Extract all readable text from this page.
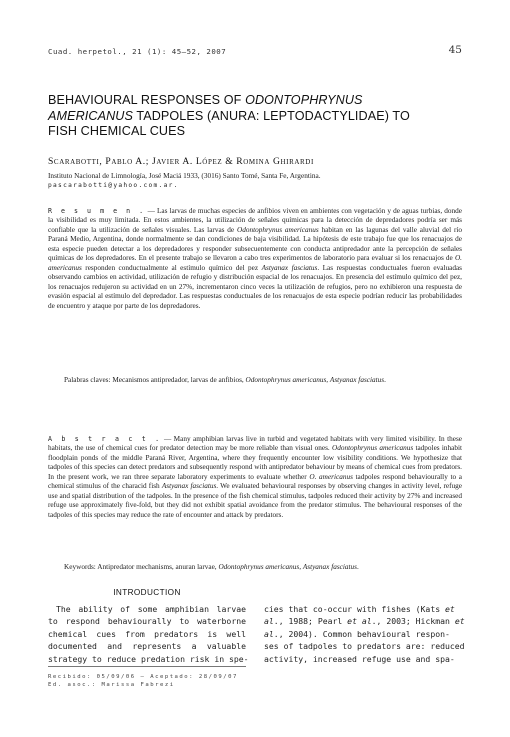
Cuad. herpetol., 21 (1): 45–52, 2007	45
BEHAVIOURAL RESPONSES OF ODONTOPHRYNUS
AMERICANUS TADPOLES (ANURA: LEPTODACTYLIDAE) TO
FISH CHEMICAL CUES
Scarabotti, Pablo A.; Javier A. López & Romina Ghirardi
Instituto Nacional de Limnología, José Maciá 1933, (3016) Santo Tomé, Santa Fe, Argentina.
pascarabotti@yahoo.com.ar.

R e s u m e n . — Las larvas de muchas especies de anfibios viven en ambientes con vegetación y de aguas turbias, donde la visibilidad es muy limitada. En estos ambientes, la utilización de señales químicas para la detección de depredadores podría ser más confiable que la utilización de señales visuales. Las larvas de Odontophrynus americanus habitan en las lagunas del valle aluvial del río Paraná Medio, Argentina, donde normalmente se dan condiciones de baja visibilidad. La hipótesis de este trabajo fue que los renacuajos de esta especie pueden detectar a los depredadores y responder subsecuentemente con conducta antipredador ante la percepción de señales químicas de los depredadores. En el presente trabajo se llevaron a cabo tres experimentos de laboratorio para evaluar si los renacuajos de O. americanus responden conductualmente al estímulo químico del pez Astyanax fasciatus. Las respuestas conductuales fueron evaluadas observando cambios en actividad, utilización de refugio y distribución espacial de los renacuajos. En presencia del estímulo químico del pez, los renacuajos redujeron su actividad en un 27%, incrementaron cinco veces la utilización de refugios, pero no exhibieron una respuesta de evasión espacial al estímulo del depredador. Las respuestas conductuales de los renacuajos de esta especie podrían reducir las probabilidades de encuentro y ataque por parte de los depredadores.

Palabras claves: Mecanismos antipredador, larvas de anfibios, Odontophrynus americanus, Astyanax fasciatus.

A b s t r a c t . — Many amphibian larvas live in turbid and vegetated habitats with very limited visibility. In these habitats, the use of chemical cues for predator detection may be more reliable than visual ones. Odontophrynus americanus tadpoles inhabit floodplain ponds of the middle Paraná River, Argentina, where they frequently encounter low visibility conditions. We hypothesize that tadpoles of this species can detect predators and subsequently respond with antipredator behaviour by means of chemical cues from predators. In the present work, we ran three separate laboratory experiments to evaluate whether O. americanus tadpoles respond behaviourally to a chemical stimulus of the characid fish Astyanax fasciatus. We evaluated behavioural responses by observing changes in activity level, refuge use and spatial distribution of the tadpoles. In the presence of the fish chemical stimulus, tadpoles reduced their activity by 27% and increased refuge use approximately five-fold, but they did not exhibit spatial avoidance from the predator stimulus. The behavioural responses of the tadpoles of this species may reduce the rate of encounter and attack by predators.

Keywords: Antipredator mechanisms, anuran larvae, Odontophrynus americanus, Astyanax fasciatus.

INTRODUCTION
The ability of some amphibian larvae
to respond behaviourally to waterborne
chemical cues from predators is well
documented and represents a valuable
strategy to reduce predation risk in spe-
Recibido: 05/09/06 — Aceptado: 28/09/07
Ed. asoc.: Marissa Fabrezi
cies that co-occur with fishes (Kats et
al., 1988; Pearl et al., 2003; Hickman et
al., 2004). Common behavioural respon-
ses of tadpoles to predators are: reduced
activity, increased refuge use and spa-
